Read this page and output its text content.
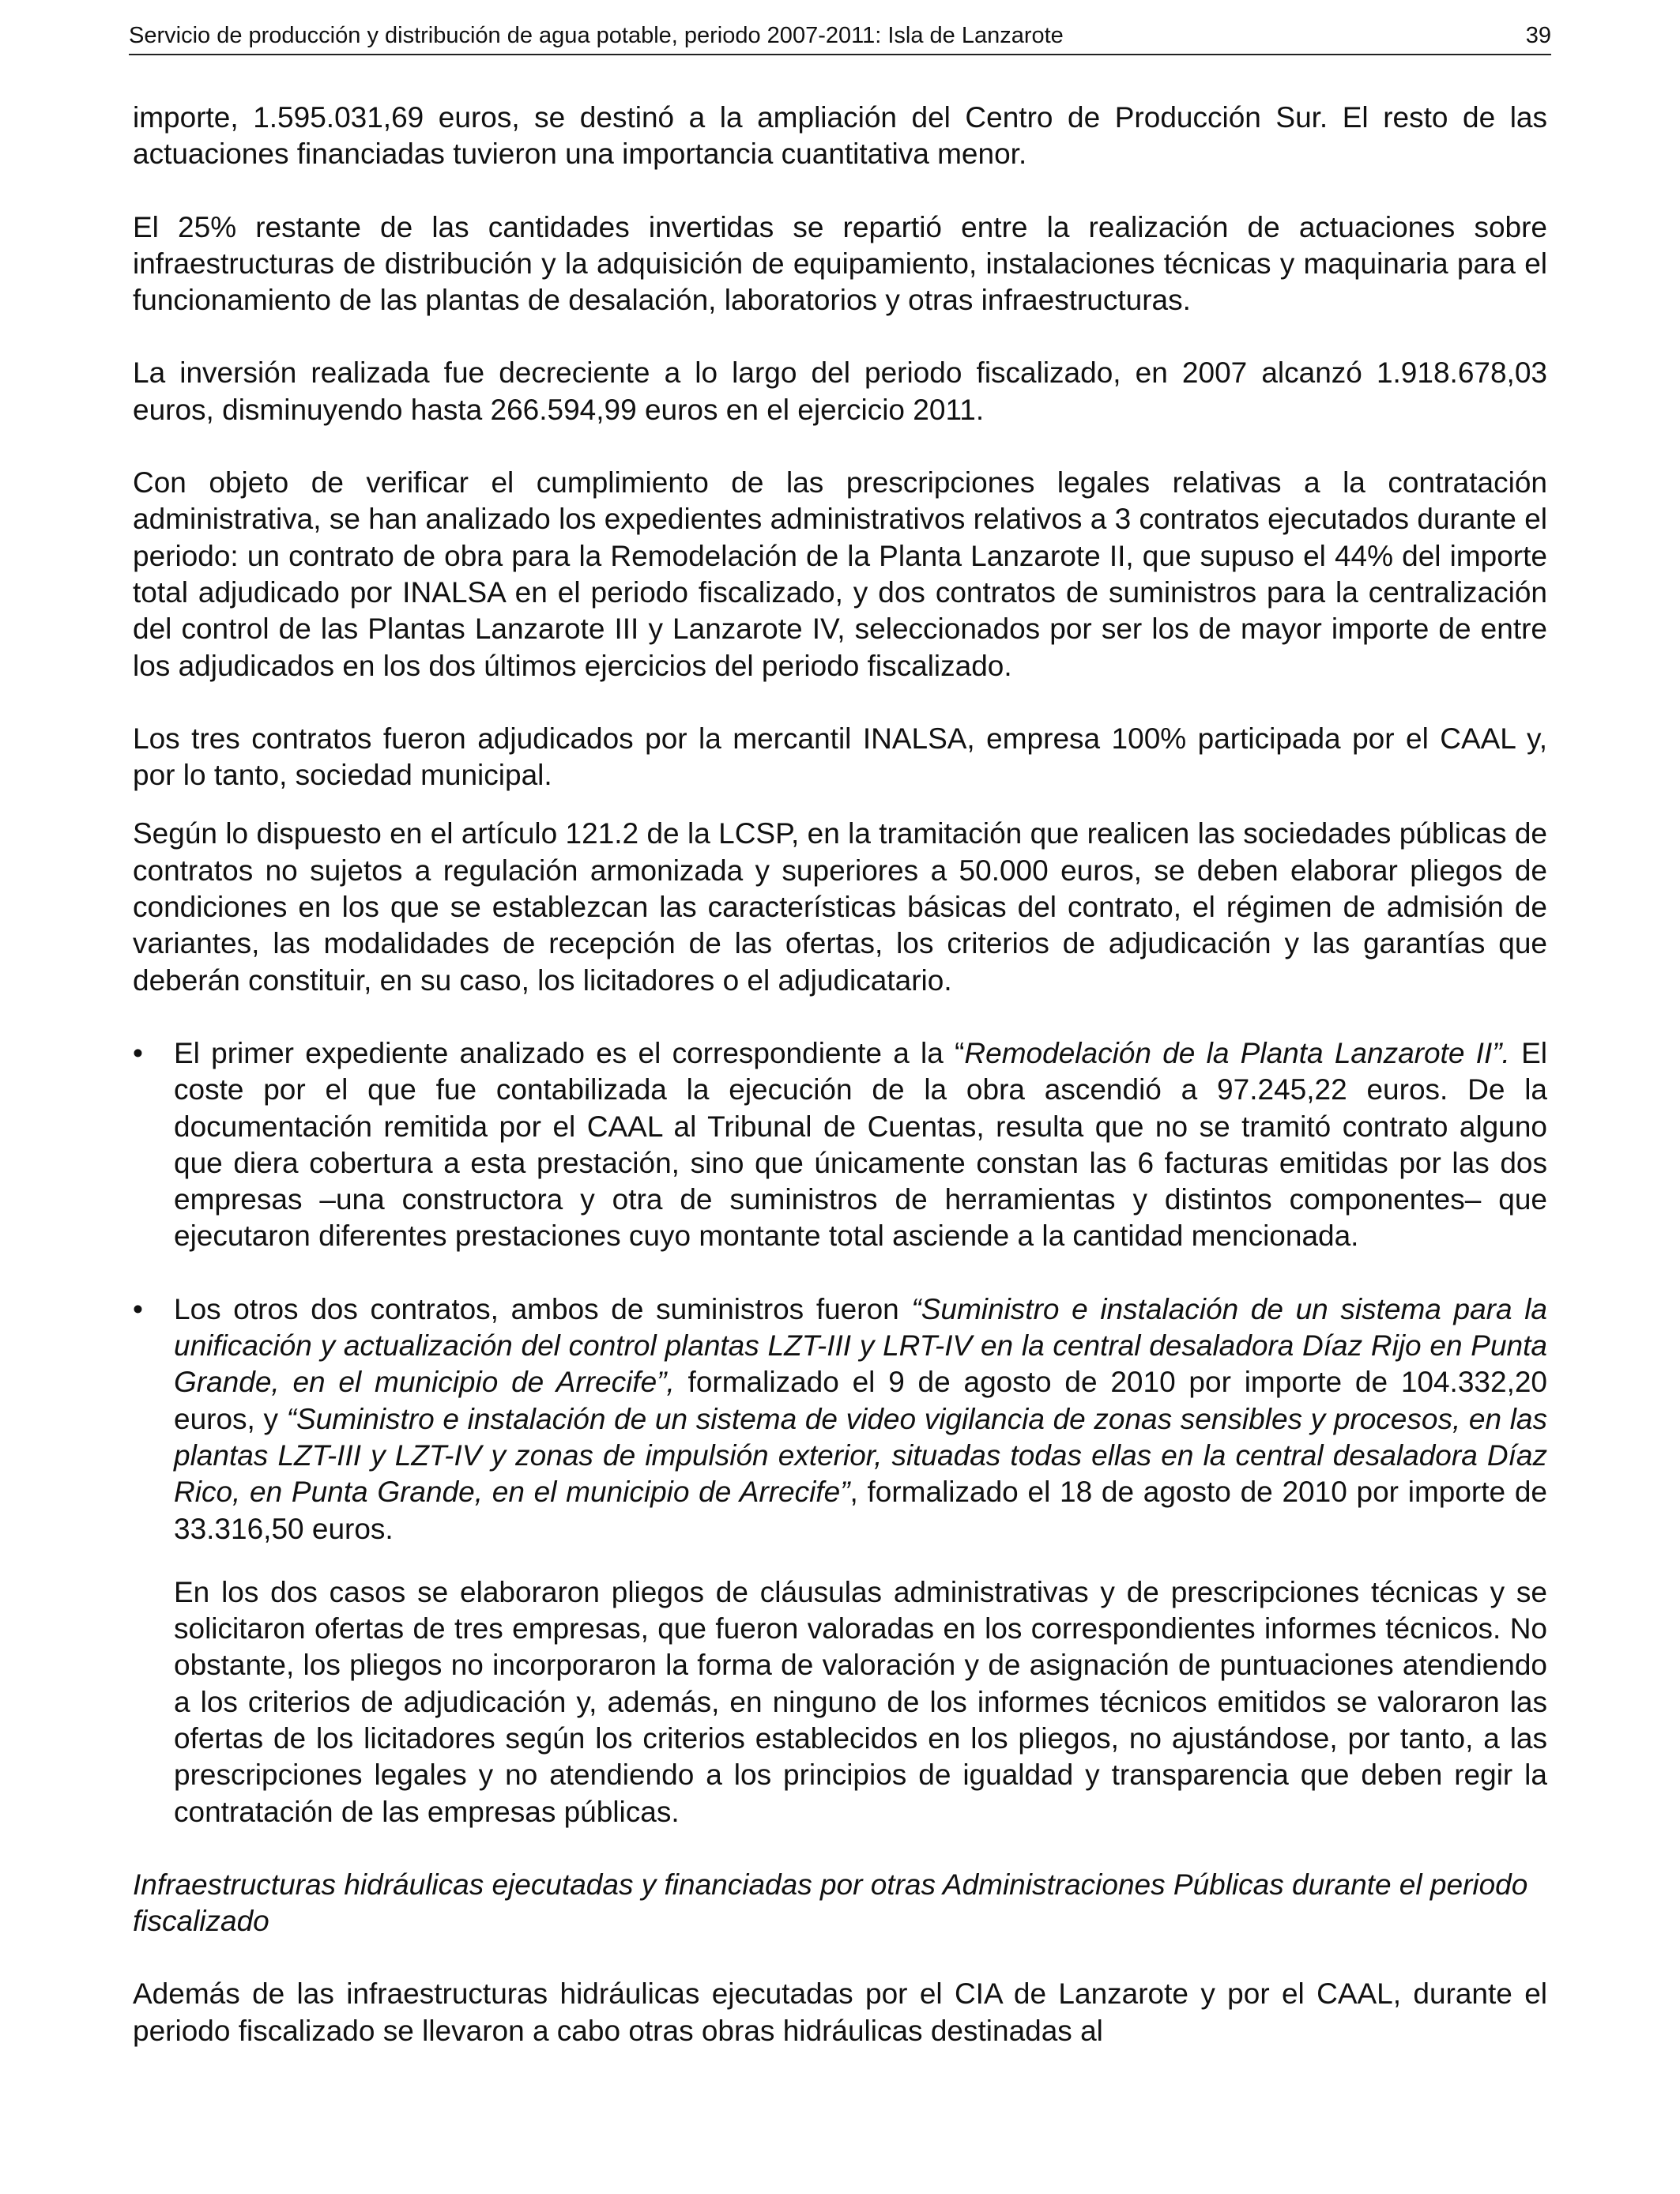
Servicio de producción y distribución de agua potable, periodo 2007-2011: Isla de Lanzarote	39

importe, 1.595.031,69 euros, se destinó a la ampliación del Centro de Producción Sur. El resto de las actuaciones financiadas tuvieron una importancia cuantitativa menor.

El 25% restante de las cantidades invertidas se repartió entre la realización de actuaciones sobre infraestructuras de distribución y la adquisición de equipamiento, instalaciones técnicas y maquinaria para el funcionamiento de las plantas de desalación, laboratorios y otras infraestructuras.

La inversión realizada fue decreciente a lo largo del periodo fiscalizado, en 2007 alcanzó 1.918.678,03 euros, disminuyendo hasta 266.594,99 euros en el ejercicio 2011.

Con objeto de verificar el cumplimiento de las prescripciones legales relativas a la contratación administrativa, se han analizado los expedientes administrativos relativos a 3 contratos ejecutados durante el periodo: un contrato de obra para la Remodelación de la Planta Lanzarote II, que supuso el 44% del importe total adjudicado por INALSA en el periodo fiscalizado, y dos contratos de suministros para la centralización del control de las Plantas Lanzarote III y Lanzarote IV, seleccionados por ser los de mayor importe de entre los adjudicados en los dos últimos ejercicios del periodo fiscalizado.

Los tres contratos fueron adjudicados por la mercantil INALSA, empresa 100% participada por el CAAL y, por lo tanto, sociedad municipal.

Según lo dispuesto en el artículo 121.2 de la LCSP, en la tramitación que realicen las sociedades públicas de contratos no sujetos a regulación armonizada y superiores a 50.000 euros, se deben elaborar pliegos de condiciones en los que se establezcan las características básicas del contrato, el régimen de admisión de variantes, las modalidades de recepción de las ofertas, los criterios de adjudicación y las garantías que deberán constituir, en su caso, los licitadores o el adjudicatario.

•	El primer expediente analizado es el correspondiente a la “Remodelación de la Planta Lanzarote II”. El coste por el que fue contabilizada la ejecución de la obra ascendió a 97.245,22 euros. De la documentación remitida por el CAAL al Tribunal de Cuentas, resulta que no se tramitó contrato alguno que diera cobertura a esta prestación, sino que únicamente constan las 6 facturas emitidas por las dos empresas –una constructora y otra de suministros de herramientas y distintos componentes– que ejecutaron diferentes prestaciones cuyo montante total asciende a la cantidad mencionada.
•	Los otros dos contratos, ambos de suministros fueron “Suministro e instalación de un sistema para la unificación y actualización del control plantas LZT-III y LRT-IV en la central desaladora Díaz Rijo en Punta Grande, en el municipio de Arrecife”, formalizado el 9 de agosto de 2010 por importe de 104.332,20 euros, y “Suministro e instalación de un sistema de video vigilancia de zonas sensibles y procesos, en las plantas LZT-III y LZT-IV y zonas de impulsión exterior, situadas todas ellas en la central desaladora Díaz Rico, en Punta Grande, en el municipio de Arrecife”, formalizado el 18 de agosto de 2010 por importe de 33.316,50 euros.

En los dos casos se elaboraron pliegos de cláusulas administrativas y de prescripciones técnicas y se solicitaron ofertas de tres empresas, que fueron valoradas en los correspondientes informes técnicos. No obstante, los pliegos no incorporaron la forma de valoración y de asignación de puntuaciones atendiendo a los criterios de adjudicación y, además, en ninguno de los informes técnicos emitidos se valoraron las ofertas de los licitadores según los criterios establecidos en los pliegos, no ajustándose, por tanto, a las prescripciones legales y no atendiendo a los principios de igualdad y transparencia que deben regir la contratación de las empresas públicas.

Infraestructuras hidráulicas ejecutadas y financiadas por otras Administraciones Públicas durante el periodo fiscalizado

Además de las infraestructuras hidráulicas ejecutadas por el CIA de Lanzarote y por el CAAL, durante el periodo fiscalizado se llevaron a cabo otras obras hidráulicas destinadas al
